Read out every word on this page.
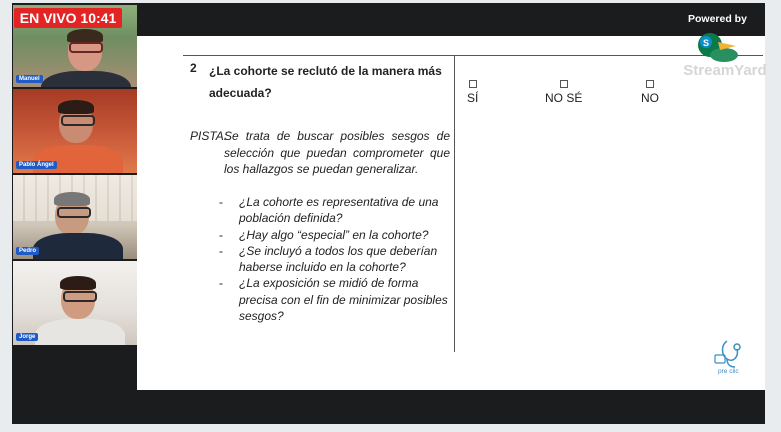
EN VIVO 10:41
Manuel
Pablo Ángel
Pedro
Jorge
Powered by
2 ¿La cohorte se reclutó de la manera más adecuada?
PISTA:
Se trata de buscar posibles sesgos de selección que puedan comprometer que los hallazgos se puedan generalizar.
- ¿La cohorte es representativa de una población definida?
- ¿Hay algo “especial” en la cohorte?
- ¿Se incluyó a todos los que deberían haberse incluido en la cohorte?
- ¿La exposición se midió de forma precisa con el fin de minimizar posibles sesgos?
SÍ	NO SÉ	NO
S
StreamYard
pre clic
